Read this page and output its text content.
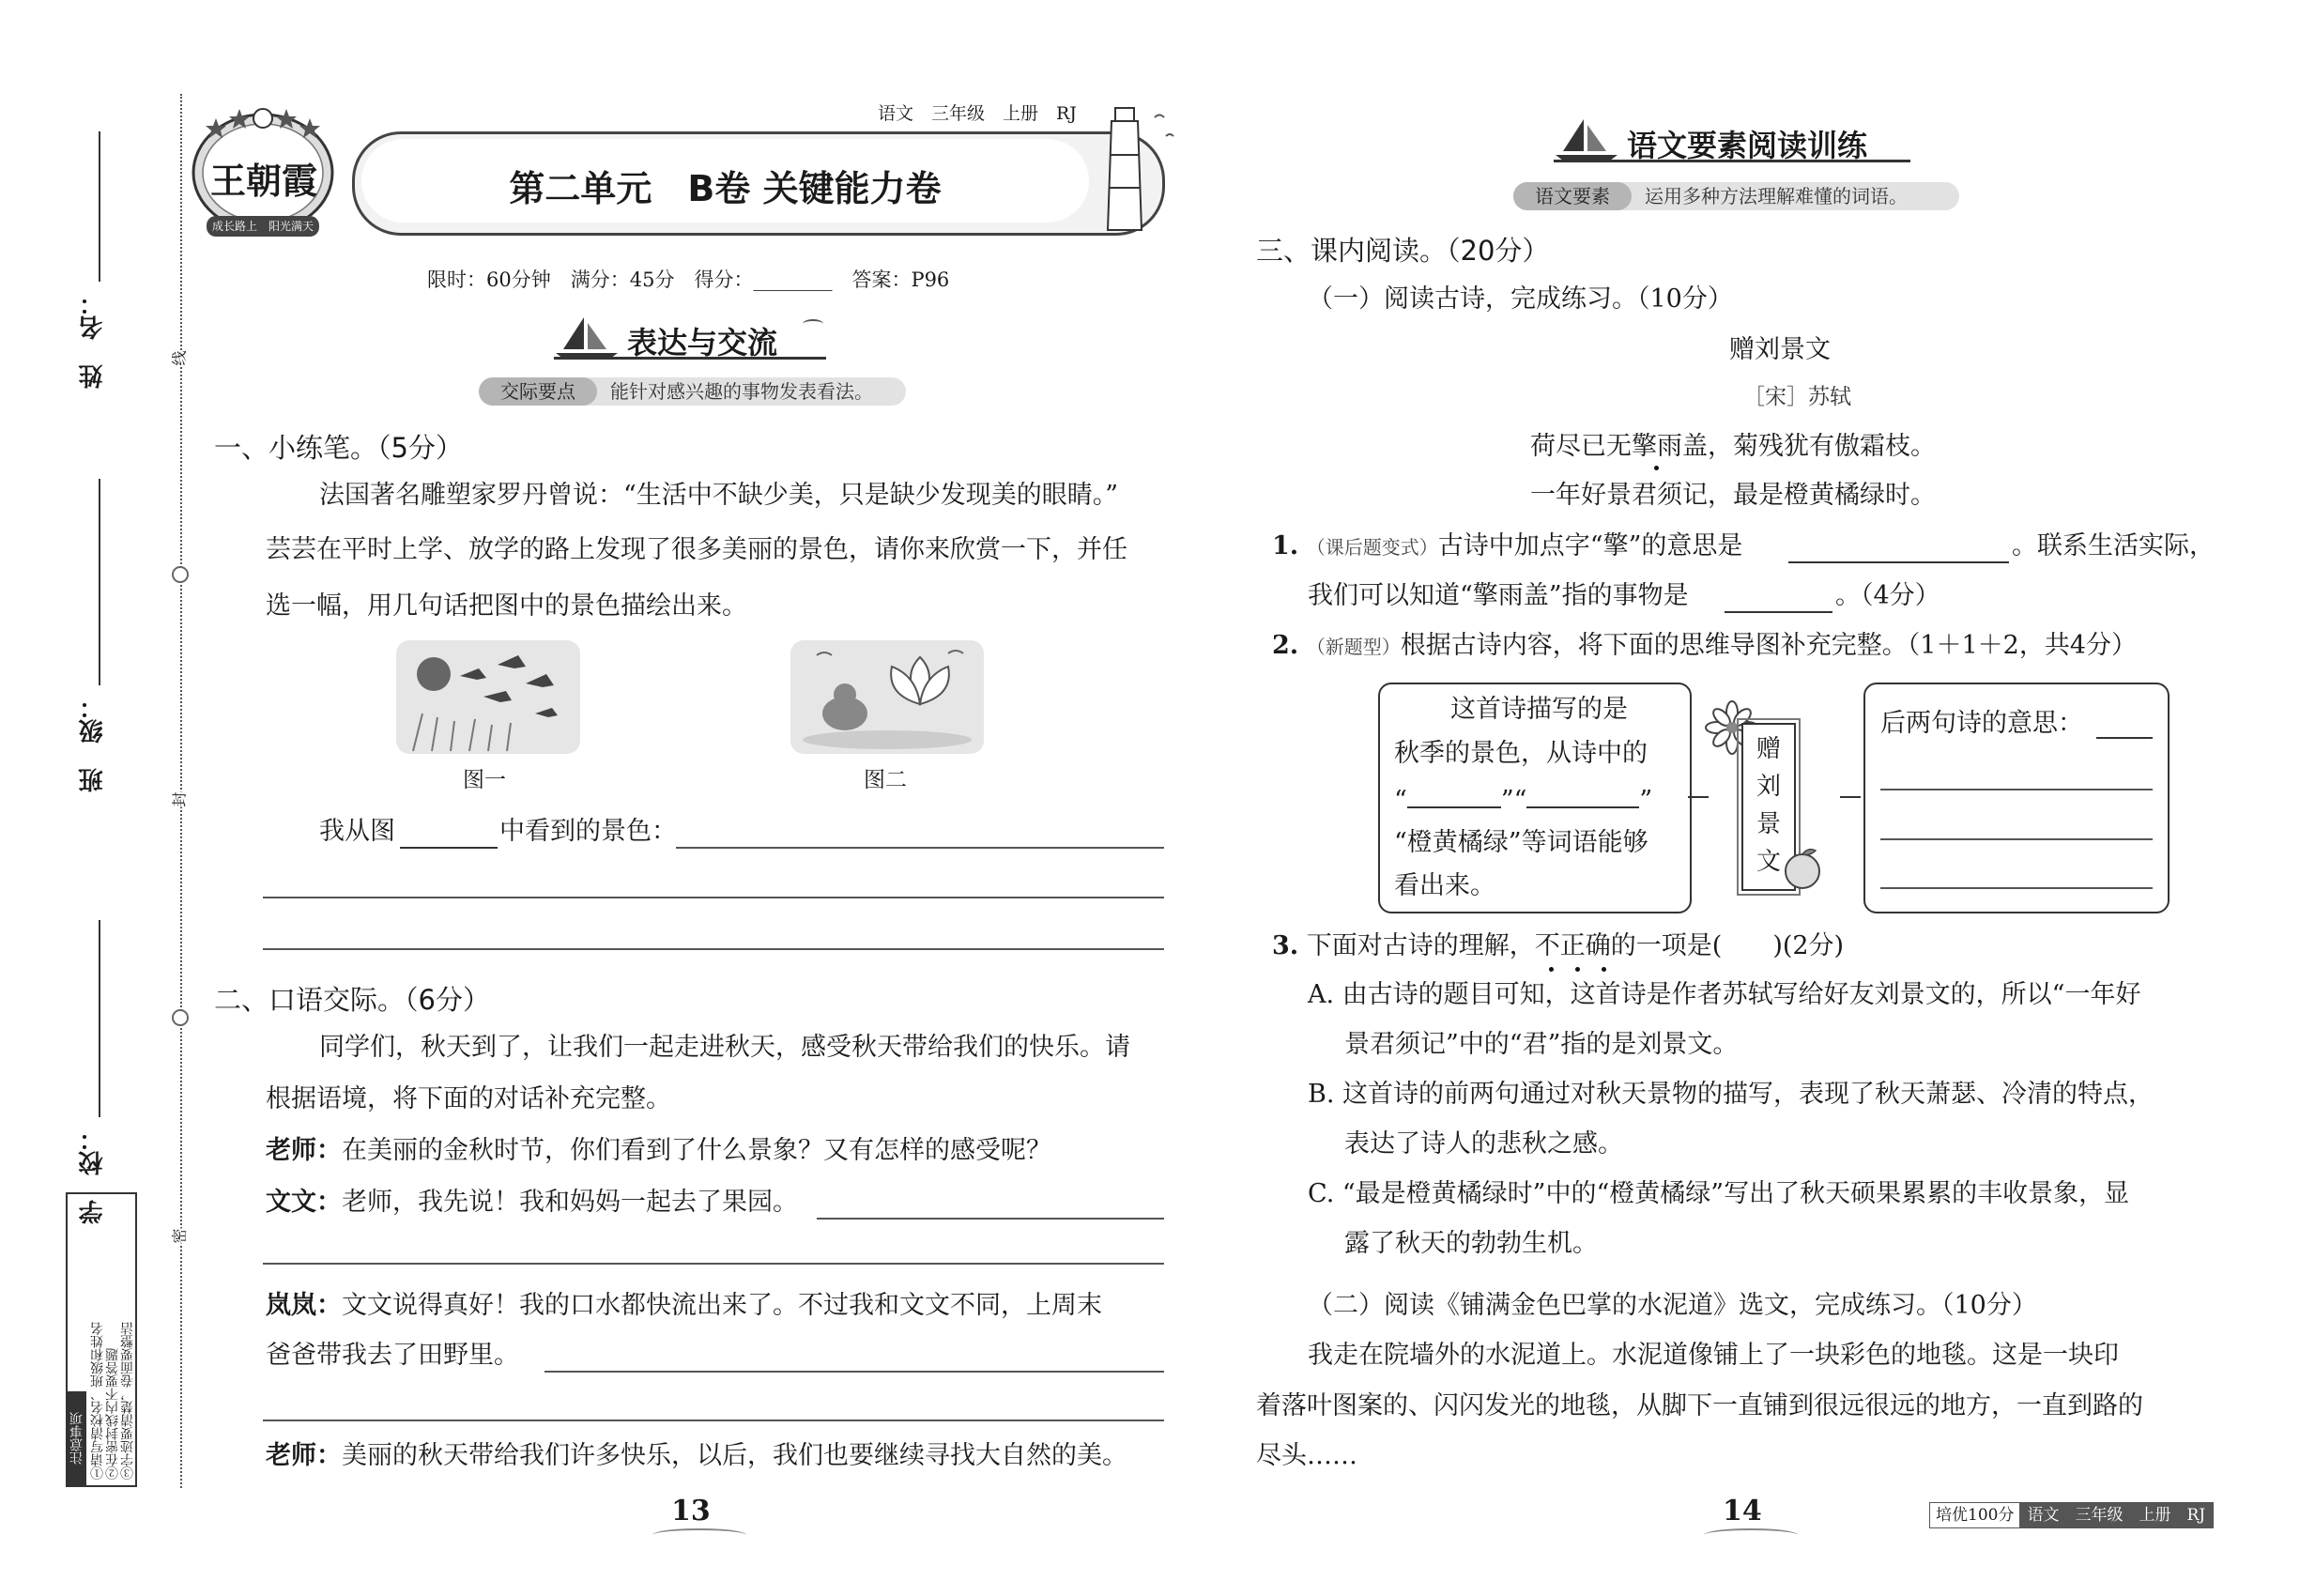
姓　名：
班　级：
学　校：
线
封
密
注意事项 ①请写清校名、班级和姓名 ②在密封线内不要答题 ③字迹要清楚，卷面要整洁
王朝霞
成长路上　阳光满天
语文　三年级　上册　RJ
第二单元　B卷 关键能力卷
限时：60分钟　满分：45分　得分：________　答案：P96
表达与交流
交际要点	能针对感兴趣的事物发表看法。
一、小练笔。（5分）
法国著名雕塑家罗丹曾说：“生活中不缺少美，只是缺少发现美的眼睛。”
芸芸在平时上学、放学的路上发现了很多美丽的景色，请你来欣赏一下，并任
选一幅，用几句话把图中的景色描绘出来。
图一	图二
我从图	中看到的景色：
二、口语交际。（6分）
同学们，秋天到了，让我们一起走进秋天，感受秋天带给我们的快乐。请
根据语境，将下面的对话补充完整。
老师：在美丽的金秋时节，你们看到了什么景象？又有怎样的感受呢？
文文：老师，我先说！我和妈妈一起去了果园。
岚岚：文文说得真好！我的口水都快流出来了。不过我和文文不同，上周末
爸爸带我去了田野里。
老师：美丽的秋天带给我们许多快乐，以后，我们也要继续寻找大自然的美。
13
语文要素阅读训练
语文要素	运用多种方法理解难懂的词语。
三、课内阅读。（20分）
（一）阅读古诗，完成练习。（10分）
赠刘景文
［宋］苏轼
荷尽已无擎雨盖，菊残犹有傲霜枝。
一年好景君须记，最是橙黄橘绿时。
1. （课后题变式）古诗中加点字“擎”的意思是	。联系生活实际，
我们可以知道“擎雨盖”指的事物是	。（4分）
2. （新题型）根据古诗内容，将下面的思维导图补充完整。（1＋1＋2，共4分）
这首诗描写的是
秋季的景色，从诗中的
“	”“	”
“橙黄橘绿”等词语能够
看出来。
赠
刘
景
文
后两句诗的意思：
3. 下面对古诗的理解，不正确的一项是(　　)(2分)
A. 由古诗的题目可知，这首诗是作者苏轼写给好友刘景文的，所以“一年好
景君须记”中的“君”指的是刘景文。
B. 这首诗的前两句通过对秋天景物的描写，表现了秋天萧瑟、冷清的特点，
表达了诗人的悲秋之感。
C. “最是橙黄橘绿时”中的“橙黄橘绿”写出了秋天硕果累累的丰收景象，显
露了秋天的勃勃生机。
（二）阅读《铺满金色巴掌的水泥道》选文，完成练习。（10分）
我走在院墙外的水泥道上。水泥道像铺上了一块彩色的地毯。这是一块印
着落叶图案的、闪闪发光的地毯，从脚下一直铺到很远很远的地方，一直到路的
尽头……
14	培优100分 语文　三年级　上册　RJ
